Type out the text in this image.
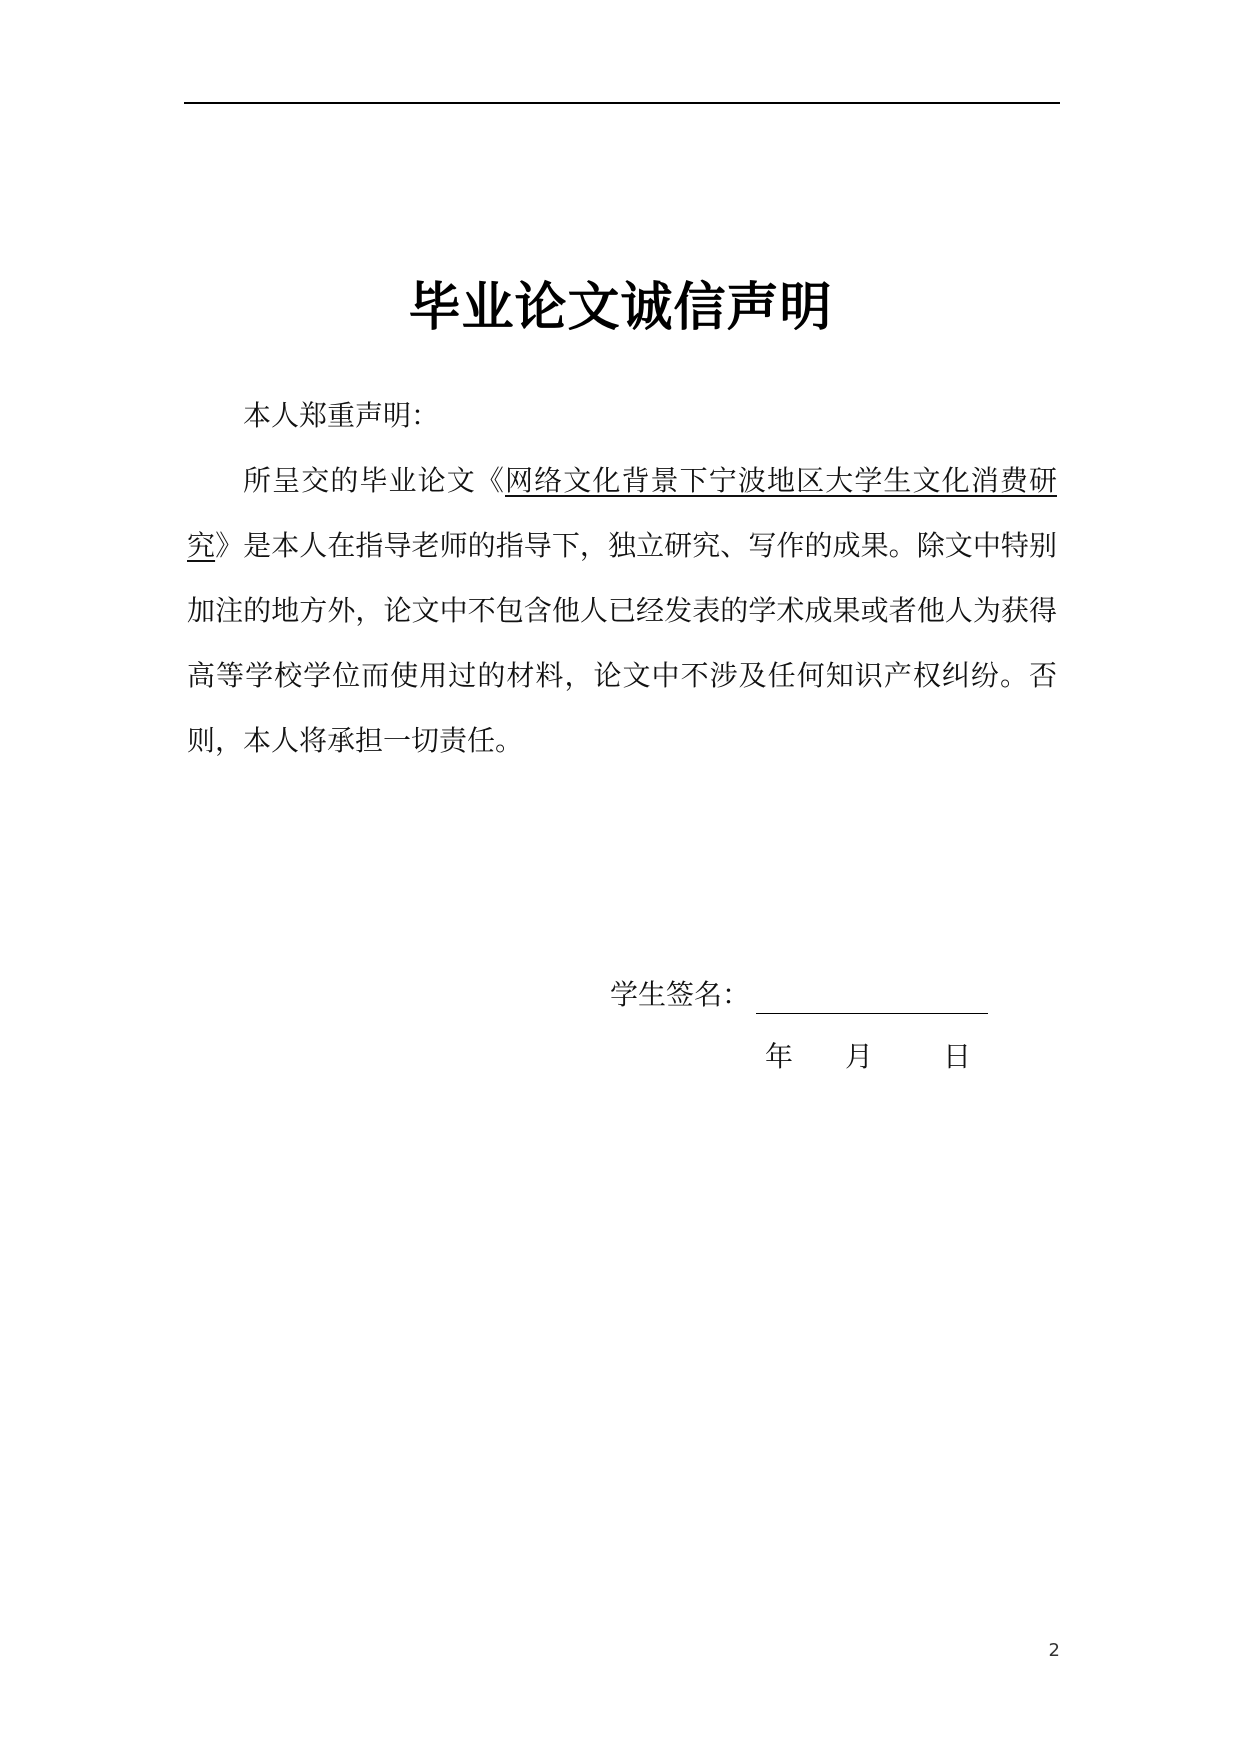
毕业论文诚信声明

本人郑重声明：

所呈交的毕业论文《网络文化背景下宁波地区大学生文化消费研究》是本人在指导老师的指导下，独立研究、写作的成果。除文中特别加注的地方外，论文中不包含他人已经发表的学术成果或者他人为获得高等学校学位而使用过的材料，论文中不涉及任何知识产权纠纷。否则，本人将承担一切责任。

学生签名：
年 月	日
2
